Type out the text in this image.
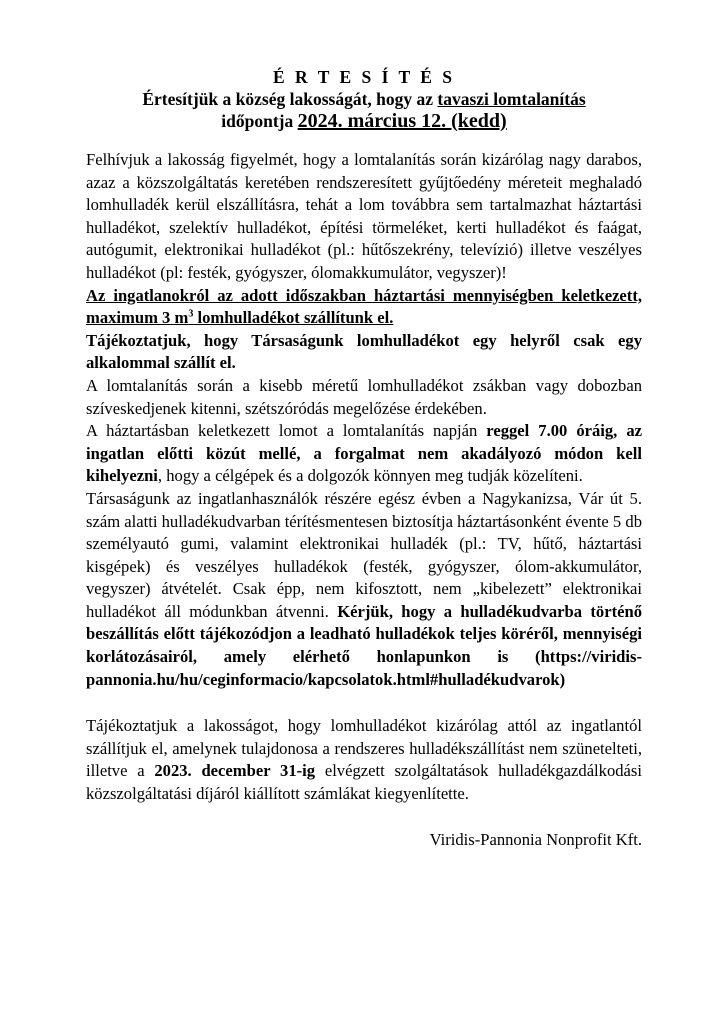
É R T E S Í T É S
Értesítjük a község lakosságát, hogy az tavaszi lomtalanítás
időpontja 2024. március 12. (kedd)

Felhívjuk a lakosság figyelmét, hogy a lomtalanítás során kizárólag nagy darabos, azaz a közszolgáltatás keretében rendszeresített gyűjtőedény méreteit meghaladó lomhulladék kerül elszállításra, tehát a lom továbbra sem tartalmazhat háztartási hulladékot, szelektív hulladékot, építési törmeléket, kerti hulladékot és faágat, autógumit, elektronikai hulladékot (pl.: hűtőszekrény, televízió) illetve veszélyes hulladékot (pl: festék, gyógyszer, ólomakkumulátor, vegyszer)!

Az ingatlanokról az adott időszakban háztartási mennyiségben keletkezett, maximum 3 $m^3$ lomhulladékot szállítunk el.

Tájékoztatjuk, hogy Társaságunk lomhulladékot egy helyről csak egy alkalommal szállít el.

A lomtalanítás során a kisebb méretű lomhulladékot zsákban vagy dobozban szíveskedjenek kitenni, szétszóródás megelőzése érdekében.

A háztartásban keletkezett lomot a lomtalanítás napján reggel 7.00 óráig, az ingatlan előtti közút mellé, a forgalmat nem akadályozó módon kell kihelyezni, hogy a célgépek és a dolgozók könnyen meg tudják közelíteni.

Társaságunk az ingatlanhasználók részére egész évben a Nagykanizsa, Vár út 5. szám alatti hulladékudvarban térítésmentesen biztosítja háztartásonként évente 5 db személyautó gumi, valamint elektronikai hulladék (pl.: TV, hűtő, háztartási kisgépek) és veszélyes hulladékok (festék, gyógyszer, ólom-akkumulátor, vegyszer) átvételét. Csak épp, nem kifosztott, nem „kibelezett” elektronikai hulladékot áll módunkban átvenni. Kérjük, hogy a hulladékudvarba történő beszállítás előtt tájékozódjon a leadható hulladékok teljes köréről, mennyiségi korlátozásairól, amely elérhető honlapunkon is (https://viridis-pannonia.hu/hu/ceginformacio/kapcsolatok.html#hulladékudvarok)

Tájékoztatjuk a lakosságot, hogy lomhulladékot kizárólag attól az ingatlantól szállítjuk el, amelynek tulajdonosa a rendszeres hulladékszállítást nem szünetelteti, illetve a 2023. december 31-ig elvégzett szolgáltatások hulladékgazdálkodási közszolgáltatási díjáról kiállított számlákat kiegyenlítette.

Viridis-Pannonia Nonprofit Kft.
